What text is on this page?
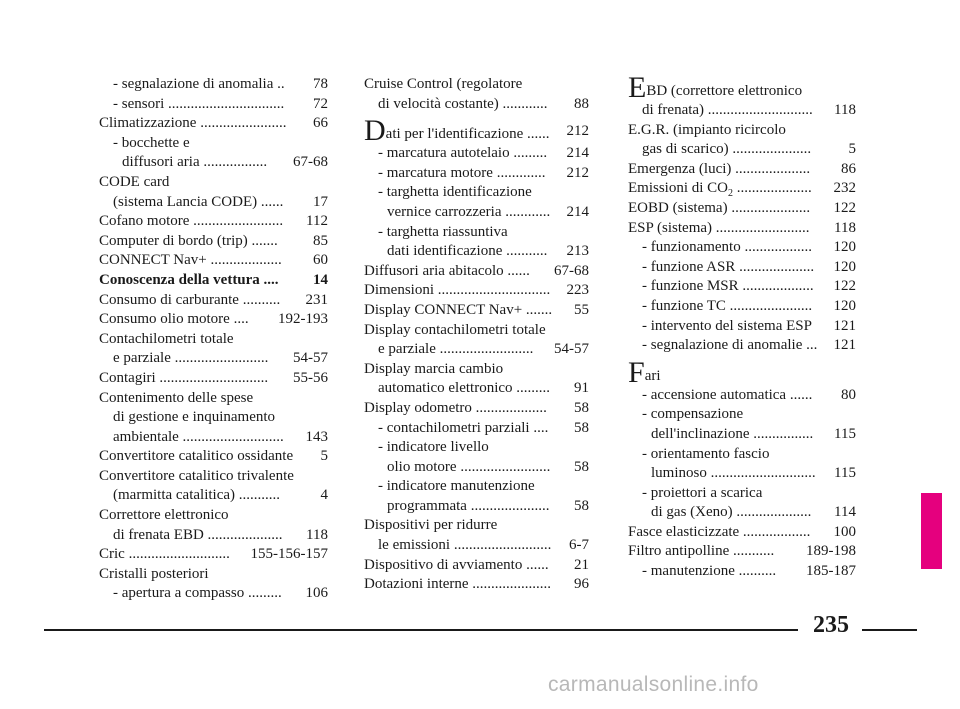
- segnalazione di anomalia .. 78
- sensori ............................... 72
Climatizzazione ....................... 66
- bocchette e
diffusori aria ................. 67-68
CODE card
(sistema Lancia CODE) ...... 17
Cofano motore ........................ 112
Computer di bordo (trip) ....... 85
CONNECT Nav+ ................... 60
Conoscenza della vettura .... 14
Consumo di carburante .......... 231
Consumo olio motore .... 192-193
Contachilometri totale
e parziale ......................... 54-57
Contagiri ............................. 55-56
Contenimento delle spese
di gestione e inquinamento
ambientale ........................... 143
Convertitore catalitico ossidante 5
Convertitore catalitico trivalente
(marmitta catalitica) ...........	4
Correttore elettronico
di frenata EBD .................... 118
Cric ........................... 155-156-157
Cristalli posteriori
- apertura a compasso ......... 106
Cruise Control (regolatore
di velocità costante) ............ 88
Dati per l'identificazione ...... 212
- marcatura autotelaio ......... 214
- marcatura motore ............. 212
- targhetta identificazione
vernice carrozzeria ............ 214
- targhetta riassuntiva
dati identificazione ........... 213
Diffusori aria abitacolo ...... 67-68
Dimensioni .............................. 223
Display CONNECT Nav+ ....... 55
Display contachilometri totale
e parziale ......................... 54-57
Display marcia cambio
automatico elettronico ......... 91
Display odometro ................... 58
- contachilometri parziali .... 58
- indicatore livello
olio motore ........................ 58
- indicatore manutenzione
programmata ..................... 58
Dispositivi per ridurre
le emissioni .......................... 6-7
Dispositivo di avviamento ...... 21
Dotazioni interne ..................... 96
EBD (correttore elettronico
di frenata) ............................ 118
E.G.R. (impianto ricircolo
gas di scarico) ..................... 5
Emergenza (luci) .................... 86
Emissioni di $CO_2$ .................... 232
EOBD (sistema) ..................... 122
ESP (sistema) ......................... 118
- funzionamento .................. 120
- funzione ASR .................... 120
- funzione MSR ................... 122
- funzione TC ...................... 120
- intervento del sistema ESP 121
- segnalazione di anomalie ... 121
Fari
- accensione automatica ...... 80
- compensazione
dell'inclinazione ................ 115
- orientamento fascio
luminoso ............................ 115
- proiettori a scarica
di gas (Xeno) .................... 114
Fasce elasticizzate .................. 100
Filtro antipolline ........... 189-198
- manutenzione .......... 185-187
235
carmanualsonline.info
